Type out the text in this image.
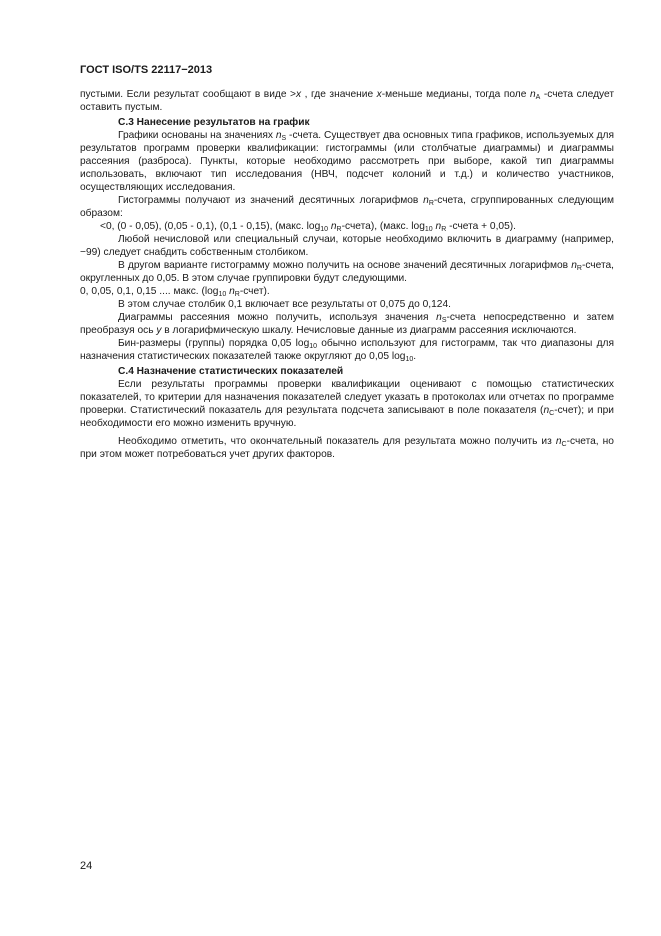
ГОСТ ISO/TS 22117−2013

пустыми. Если результат сообщают в виде >x , где значение x-меньше медианы, тогда поле $n_A$ -счета следует оставить пустым.

С.3 Нанесение результатов на график

Графики основаны на значениях $n_S$ -счета. Существует два основных типа графиков, используемых для результатов программ проверки квалификации: гистограммы (или столбчатые диаграммы) и диаграммы рассеяния (разброса). Пункты, которые необходимо рассмотреть при выборе, какой тип диаграммы использовать, включают тип исследования (НВЧ, подсчет колоний и т.д.) и количество участников, осуществляющих исследования.

Гистограммы получают из значений десятичных логарифмов $n_R$-счета, сгруппированных следующим образом:

<0, (0 - 0,05), (0,05 - 0,1), (0,1 - 0,15), (макс. $\log_{10}$ $n_R-счета$), (макс. $\log_{10} n_R$ -счета + 0,05).

Любой нечисловой или специальный случаи, которые необходимо включить в диаграмму (например, −99) следует снабдить собственным столбиком.

В другом варианте гистограмму можно получить на основе значений десятичных логарифмов $n_R$-счета, округленных до 0,05. В этом случае группировки будут следующими.

0, 0,05, 0,1, 0,15 .... макс. ($\log_{10}$ $n_R-счет$).

В этом случае столбик 0,1 включает все результаты от 0,075 до 0,124.

Диаграммы рассеяния можно получить, используя значения $n_S$-счета непосредственно и затем преобразуя ось y в логарифмическую шкалу. Нечисловые данные из диаграмм рассеяния исключаются.

Бин-размеры (группы) порядка 0,05 $\log_{10}$ обычно используют для гистограмм, так что диапазоны для назначения статистических показателей также округляют до 0,05 $\log_{10}$.

С.4 Назначение статистических показателей

Если результаты программы проверки квалификации оценивают с помощью статистических показателей, то критерии для назначения показателей следует указать в протоколах или отчетах по программе проверки. Статистический показатель для результата подсчета записывают в поле показателя $(n_C-счет)$; и при необходимости его можно изменить вручную.

Необходимо отметить, что окончательный показатель для результата можно получить из $n_C$-счета, но при этом может потребоваться учет других факторов.

24
